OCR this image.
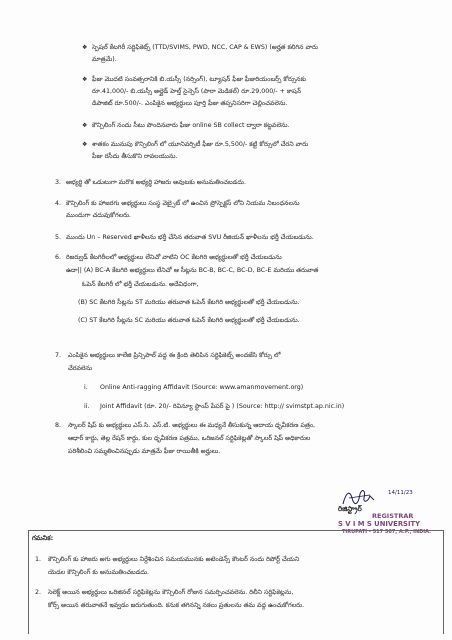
❖ స్పెషల్ కేటగిరీ సర్టిఫికెట్స్ (TTD/SVIMS, PWD, NCC, CAP & EWS) (అర్హత కలిగిన వారు
మాత్రమే).
❖ ఫీజు మొదటి సంవత్సరానికి బి.యస్సీ (నర్సింగ్), ట్యూషన్ ఫీజు ఫీజురియంబర్స్ కోర్సునకు
రూ.41,000/- బి.యస్సీ అల్లైడ్ హెల్త్ సైన్సెస్ (పారా మెడికల్) రూ.29,000/- + కాషన్
డిపాజిట్ రూ.500/-. ఎంపికైన అభ్యర్ధులు పూర్తి ఫీజు తప్పనిసరిగా చెల్లించవలెను.
❖ కౌన్సిలింగ్ నందు సీటు పొందినవారు ఫీజు online SB collect ద్వారా కట్టవలెను.
❖ శాతకం మునుపు కౌన్సిలింగ్ లో యూనివర్సిటీ ఫీజు రూ.5,500/- కట్టి కోర్సులో చేరని వారు
పీజు రసీదు తీసుకొని రావలయును.
3. అభ్యర్థి తో ఒడుటుగా మరొక అభ్యర్థి హాజరు అవుటకు అనుమతించబడదు.
4. కౌన్సిలింగ్ కు హాజరగు అభ్యర్థులు సంస్థ వెబ్సైట్ లో ఉంచిన ప్రోస్పెక్టస్ లోని నియమ నిబంధనలను
ముందుగా చదువుకోగలరు.
5. ముందు Un – Reserved ఖాళీలను భర్తీ చేసిన తరువాత SVU రీజియన్ ఖాళీలను భర్తీ చేయబడును.
6. రిజర్వుడ్ కేటగిరీలలో అభ్యర్థులు లేనిచో వాటిని OC కేటగిరి అభ్యర్ధులతో భర్తీ చేయబడును
ఉదా|| (A) BC-A కేటగిరి అభ్యర్థులు లేనిచో ఆ సీట్లను BC-B, BC-C, BC-D, BC-E మరియు తరువాత
ఓపెన్ కేటగిరీ లో భర్తీ చేయబడును. అదేవిధంగా,
(B) SC కేటగిరి సీట్లను ST మరియు తరువాత ఓపెన్ కేటగిరి అభ్యర్థులతో భర్తీ చేయబడును.
(C) ST కేటగిరి సీట్లను SC మరియు తరువాత ఓపెన్ కేటగిరి అభ్యర్థులతో భర్తీ చేయబడును.
7. ఎంపికైన అభ్యర్థులు కాలేజి ప్రిన్సిపాల్ వద్ద ఈ క్రింది తెలిపిన సర్టిఫికెట్స్ అందజేసి కోర్సు లో
చేరవలెను
i. Online Anti-ragging Affidavit (Source: www.amanmovement.org)
ii. Joint Affidavit (రూ. 20/- రివిన్యూ స్టాంప్ పేపర్ పై ) (Source: http:// svimstpt.ap.nic.in)
8. స్కాలర్ షిప్ కు అభ్యర్థులు ఎస్.సి. ఎస్.టి. అభ్యర్థులు ఈ మధ్యనే తీసుకున్న ఆదాయ ధృవీకరణ పత్రం,
ఆధార్ కార్డు, తెల్ల రేషన్ కార్డు, కుల ధృవీకరణ పత్రము, ఒరిజనల్ సర్టిఫికెట్లతో స్కాలర్ షిప్ అధికారుల
పరిశీలించి సమ్మతించినప్పుడు మాత్రమే ఫీజు రాయితీకి అర్హులు.
14/11/23
రిజిస్ట్రార్
REGISTRAR
S V I M S UNIVERSITY
TIRUPATI - 517 507, A.P., INDIA.
గమనిక:
1. కౌన్సిలింగ్ కు హాజరు అగు అభ్యర్థులు నిర్దేశించిన సమయమునకు అటెండెన్స్ కౌంటర్ నందు రిపోర్ట్ చేయని
యెడల కౌన్సిలింగ్ కు అనుమతించబడదు.
2. సెలెక్ట్ అయిన అభ్యర్థులు ఒరిజినల్ సర్టిఫికెట్లను కౌన్సిలింగ్ రోజున సమర్పించవలెను. రిలీని సర్టిఫికెట్లను,
కోర్స్ అయిన తరువాతనే ఇవ్వడం జరుగుతుంది. కనుక తగినన్ని నకలు ప్రతులను తమ వద్ద ఉంచుకోగలరు.
